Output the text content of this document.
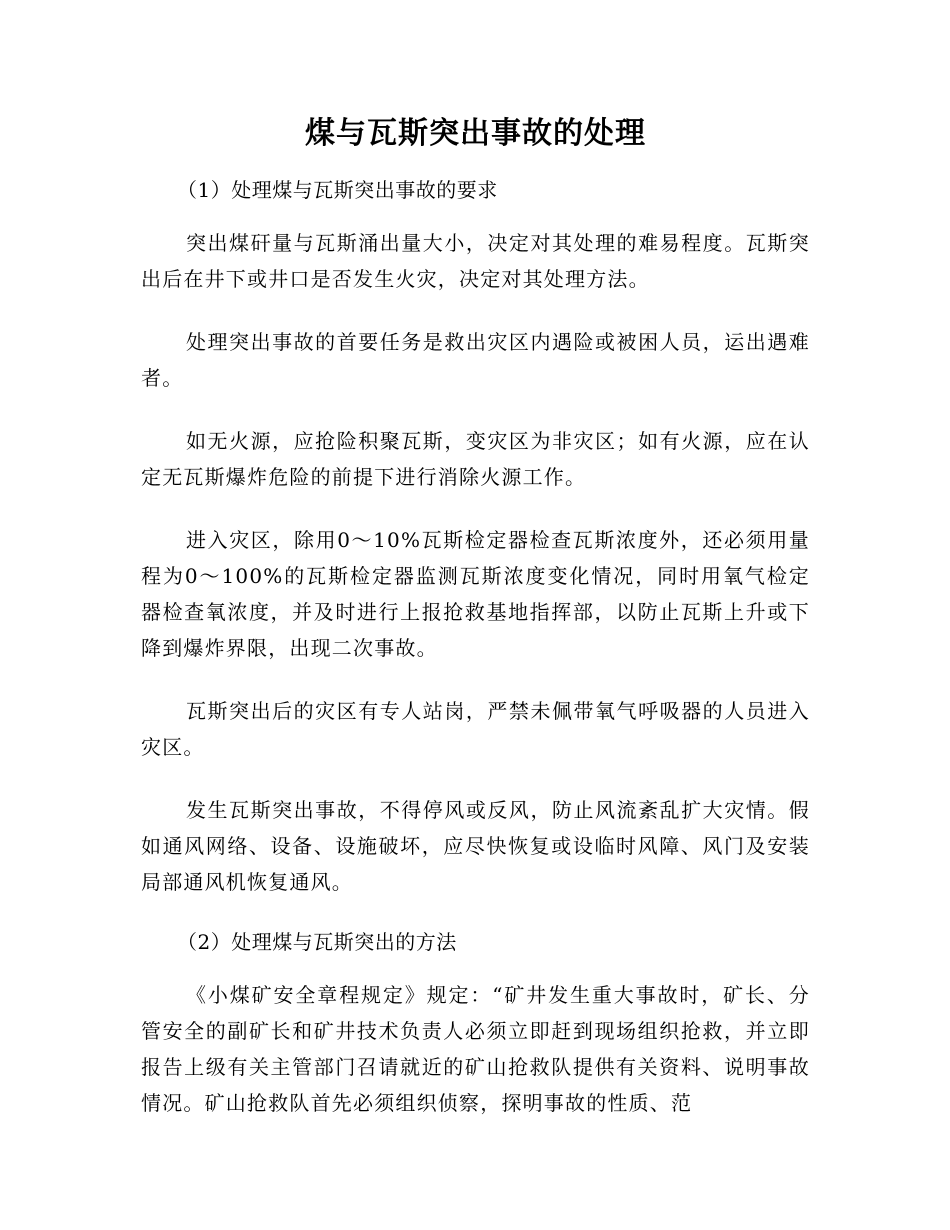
煤与瓦斯突出事故的处理
（1）处理煤与瓦斯突出事故的要求

突出煤矸量与瓦斯涌出量大小，决定对其处理的难易程度。瓦斯突出后在井下或井口是否发生火灾，决定对其处理方法。

处理突出事故的首要任务是救出灾区内遇险或被困人员，运出遇难者。

如无火源，应抢险积聚瓦斯，变灾区为非灾区；如有火源，应在认定无瓦斯爆炸危险的前提下进行消除火源工作。

进入灾区，除用0～10%瓦斯检定器检查瓦斯浓度外，还必须用量程为0～100%的瓦斯检定器监测瓦斯浓度变化情况，同时用氧气检定器检查氧浓度，并及时进行上报抢救基地指挥部，以防止瓦斯上升或下降到爆炸界限，出现二次事故。

瓦斯突出后的灾区有专人站岗，严禁未佩带氧气呼吸器的人员进入灾区。

发生瓦斯突出事故，不得停风或反风，防止风流紊乱扩大灾情。假如通风网络、设备、设施破坏，应尽快恢复或设临时风障、风门及安装局部通风机恢复通风。

（2）处理煤与瓦斯突出的方法

《小煤矿安全章程规定》规定：“矿井发生重大事故时，矿长、分管安全的副矿长和矿井技术负责人必须立即赶到现场组织抢救，并立即报告上级有关主管部门召请就近的矿山抢救队提供有关资料、说明事故情况。矿山抢救队首先必须组织侦察，探明事故的性质、范
